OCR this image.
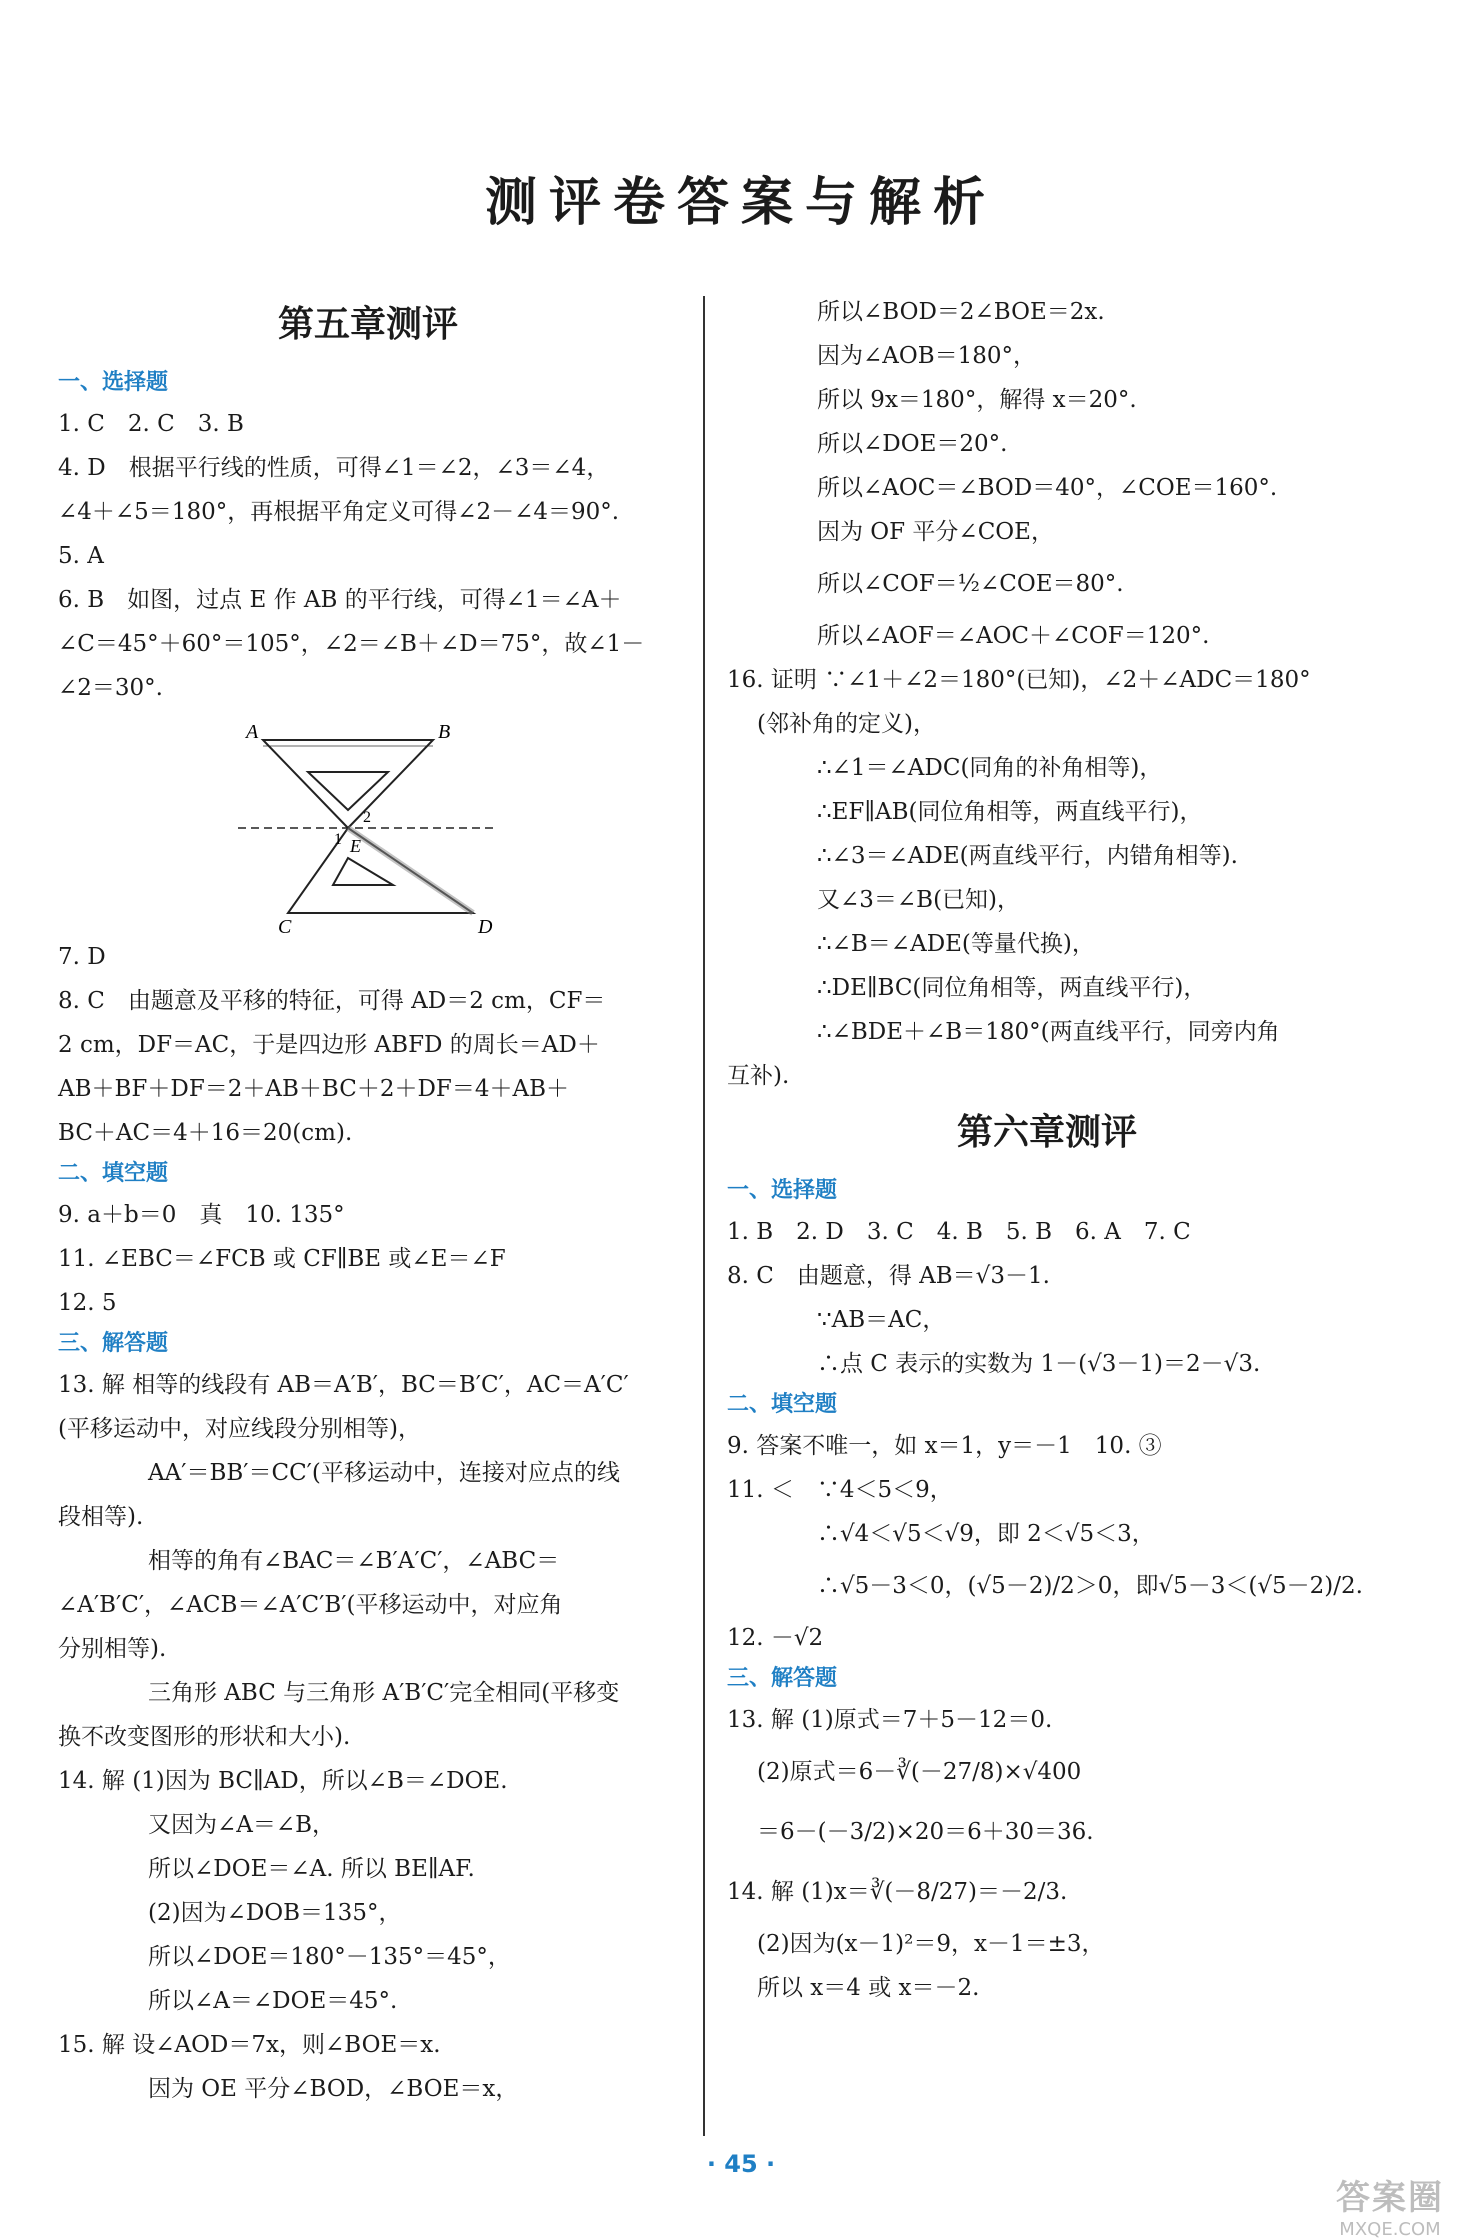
测评卷答案与解析
第五章测评
一、选择题
1. C　2. C　3. B
4. D　根据平行线的性质，可得∠1＝∠2，∠3＝∠4，
∠4＋∠5＝180°，再根据平角定义可得∠2－∠4＝90°.
5. A
6. B　如图，过点 E 作 AB 的平行线，可得∠1＝∠A＋
∠C＝45°＋60°＝105°，∠2＝∠B＋∠D＝75°，故∠1－
∠2＝30°.
A	B
C	D
E
1
2
7. D
8. C　由题意及平移的特征，可得 AD＝2 cm，CF＝
2 cm，DF＝AC，于是四边形 ABFD 的周长＝AD＋
AB＋BF＋DF＝2＋AB＋BC＋2＋DF＝4＋AB＋
BC＋AC＝4＋16＝20(cm).
二、填空题
9. a＋b＝0　真　10. 135°
11. ∠EBC＝∠FCB 或 CF∥BE 或∠E＝∠F
12. 5
三、解答题
13. 解 相等的线段有 AB＝A′B′，BC＝B′C′，AC＝A′C′
(平移运动中，对应线段分别相等)，
AA′＝BB′＝CC′(平移运动中，连接对应点的线
段相等).
相等的角有∠BAC＝∠B′A′C′，∠ABC＝
∠A′B′C′，∠ACB＝∠A′C′B′(平移运动中，对应角
分别相等).
三角形 ABC 与三角形 A′B′C′完全相同(平移变
换不改变图形的形状和大小).
14. 解 (1)因为 BC∥AD，所以∠B＝∠DOE.
又因为∠A＝∠B，
所以∠DOE＝∠A. 所以 BE∥AF.
(2)因为∠DOB＝135°，
所以∠DOE＝180°－135°＝45°，
所以∠A＝∠DOE＝45°.
15. 解 设∠AOD＝7x，则∠BOE＝x.
因为 OE 平分∠BOD，∠BOE＝x，
所以∠BOD＝2∠BOE＝2x.
因为∠AOB＝180°，
所以 9x＝180°，解得 x＝20°.
所以∠DOE＝20°.
所以∠AOC＝∠BOD＝40°，∠COE＝160°.
因为 OF 平分∠COE，
所以∠COF＝½∠COE＝80°.
所以∠AOF＝∠AOC＋∠COF＝120°.
16. 证明 ∵∠1＋∠2＝180°(已知)，∠2＋∠ADC＝180°
(邻补角的定义)，
∴∠1＝∠ADC(同角的补角相等)，
∴EF∥AB(同位角相等，两直线平行)，
∴∠3＝∠ADE(两直线平行，内错角相等).
又∠3＝∠B(已知)，
∴∠B＝∠ADE(等量代换)，
∴DE∥BC(同位角相等，两直线平行)，
∴∠BDE＋∠B＝180°(两直线平行，同旁内角
互补).
第六章测评
一、选择题
1. B　2. D　3. C　4. B　5. B　6. A　7. C
8. C　由题意，得 AB＝√3－1.
∵AB＝AC，
∴点 C 表示的实数为 1－(√3－1)＝2－√3.
二、填空题
9. 答案不唯一，如 x＝1，y＝－1　10. ③
11. ＜　∵4＜5＜9，
∴√4＜√5＜√9，即 2＜√5＜3，
∴√5－3＜0，(√5－2)/2＞0，即√5－3＜(√5－2)/2.
12. －√2
三、解答题
13. 解 (1)原式＝7＋5－12＝0.
(2)原式＝6－∛(－27/8)×√400
＝6－(－3/2)×20＝6＋30＝36.
14. 解 (1)x＝∛(－8/27)＝－2/3.
(2)因为(x－1)²＝9，x－1＝±3，
所以 x＝4 或 x＝－2.
· 45 ·
答案圈
MXQE.COM
